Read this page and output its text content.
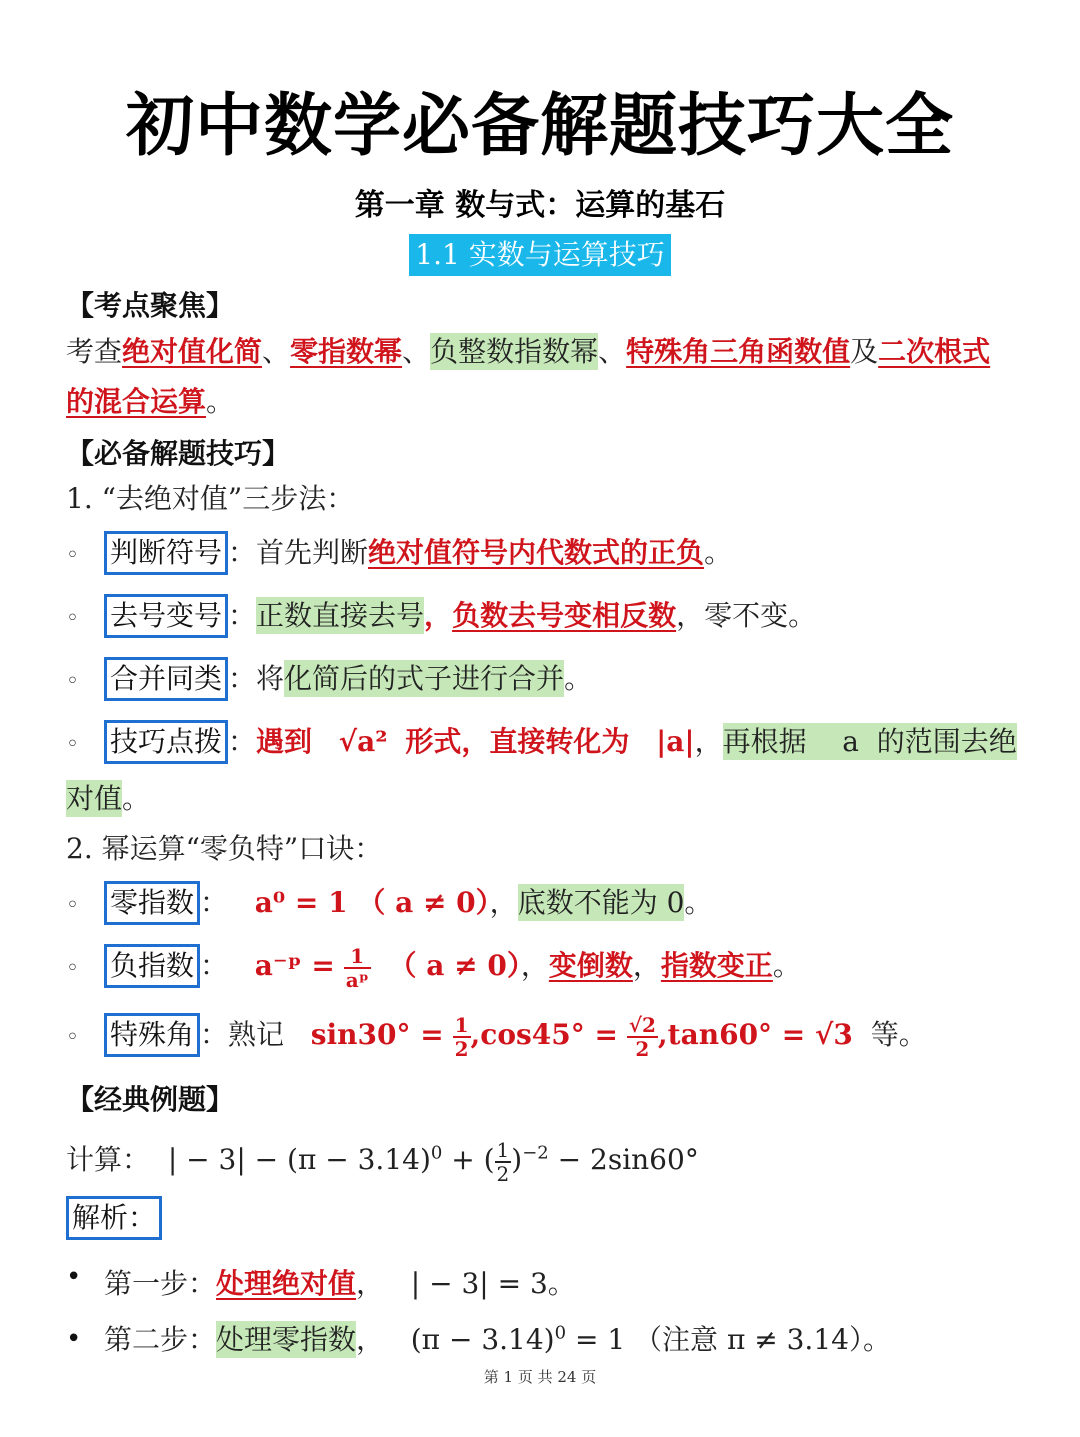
初中数学必备解题技巧大全
第一章 数与式：运算的基石
1.1 实数与运算技巧
【考点聚焦】
考查绝对值化简、零指数幂、负整数指数幂、特殊角三角函数值及二次根式
的混合运算。
【必备解题技巧】
1. “去绝对值”三步法：
◦ 判断符号 ：首先判断绝对值符号内代数式的正负。
◦ 去号变号 ：正数直接去号，负数去号变相反数，零不变。
◦ 合并同类 ：将化简后的式子进行合并。
◦ 技巧点拨 ：遇到 √a² 形式，直接转化为 |a|，再根据 a 的范围去绝
对值。
2. 幂运算“零负特”口诀：
◦ 零指数 ： a⁰ = 1 （ a ≠ 0），底数不能为 0。
◦ 负指数 ： a⁻ᵖ = $\frac{1}{\text{aᵖ}}$ （ a ≠ 0），变倒数，指数变正。
◦ 特殊角 ：熟记 $\sin 30^\circ = \frac{1}{2} ,\cos 45^\circ = \frac{√2}{2} ,\tan 60^\circ = √3$ 等。
【经典例题】
计算： | − $3| - (\pi - 3.14)^0$ + ( $\frac{1}{2} )^{-2} - 2\sin 60^\circ$
解析：
• 第一步：处理绝对值， | − 3| = 3。
• 第二步：处理零指数， $(\pi - 3.14)^0 = 1$ （注意 π ≠ 3.14）。
第 1 页 共 24 页
